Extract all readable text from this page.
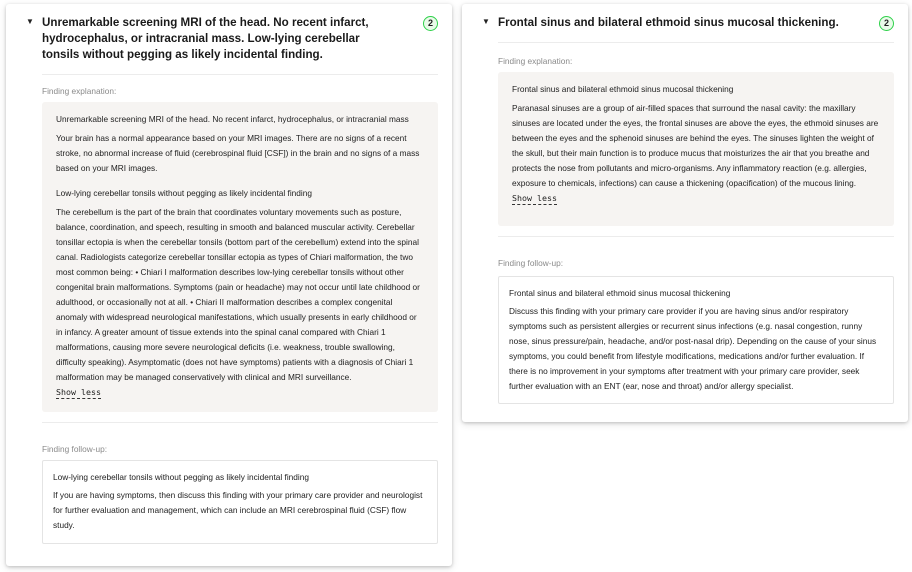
▼ Unremarkable screening MRI of the head. No recent infarct, hydrocephalus, or intracranial mass. Low-lying cerebellar tonsils without pegging as likely incidental finding.
2
Finding explanation:

Unremarkable screening MRI of the head. No recent infarct, hydrocephalus, or intracranial mass

Your brain has a normal appearance based on your MRI images. There are no signs of a recent stroke, no abnormal increase of fluid (cerebrospinal fluid [CSF]) in the brain and no signs of a mass based on your MRI images.

Low-lying cerebellar tonsils without pegging as likely incidental finding

The cerebellum is the part of the brain that coordinates voluntary movements such as posture, balance, coordination, and speech, resulting in smooth and balanced muscular activity. Cerebellar tonsillar ectopia is when the cerebellar tonsils (bottom part of the cerebellum) extend into the spinal canal. Radiologists categorize cerebellar tonsillar ectopia as types of Chiari malformation, the two most common being: • Chiari I malformation describes low-lying cerebellar tonsils without other congenital brain malformations. Symptoms (pain or headache) may not occur until late childhood or adulthood, or occasionally not at all. • Chiari II malformation describes a complex congenital anomaly with widespread neurological manifestations, which usually presents in early childhood or in infancy. A greater amount of tissue extends into the spinal canal compared with Chiari 1 malformations, causing more severe neurological deficits (i.e. weakness, trouble swallowing, difficulty speaking). Asymptomatic (does not have symptoms) patients with a diagnosis of Chiari 1 malformation may be managed conservatively with clinical and MRI surveillance.

Show less
Finding follow-up:

Low-lying cerebellar tonsils without pegging as likely incidental finding

If you are having symptoms, then discuss this finding with your primary care provider and neurologist for further evaluation and management, which can include an MRI cerebrospinal fluid (CSF) flow study.

▼ Frontal sinus and bilateral ethmoid sinus mucosal thickening.	2
Finding explanation:

Frontal sinus and bilateral ethmoid sinus mucosal thickening

Paranasal sinuses are a group of air-filled spaces that surround the nasal cavity: the maxillary sinuses are located under the eyes, the frontal sinuses are above the eyes, the ethmoid sinuses are between the eyes and the sphenoid sinuses are behind the eyes. The sinuses lighten the weight of the skull, but their main function is to produce mucus that moisturizes the air that you breathe and protects the nose from pollutants and micro-organisms. Any inflammatory reaction (e.g. allergies, exposure to chemicals, infections) can cause a thickening (opacification) of the mucous lining.

Show less
Finding follow-up:

Frontal sinus and bilateral ethmoid sinus mucosal thickening

Discuss this finding with your primary care provider if you are having sinus and/or respiratory symptoms such as persistent allergies or recurrent sinus infections (e.g. nasal congestion, runny nose, sinus pressure/pain, headache, and/or post-nasal drip). Depending on the cause of your sinus symptoms, you could benefit from lifestyle modifications, medications and/or further evaluation. If there is no improvement in your symptoms after treatment with your primary care provider, seek further evaluation with an ENT (ear, nose and throat) and/or allergy specialist.
